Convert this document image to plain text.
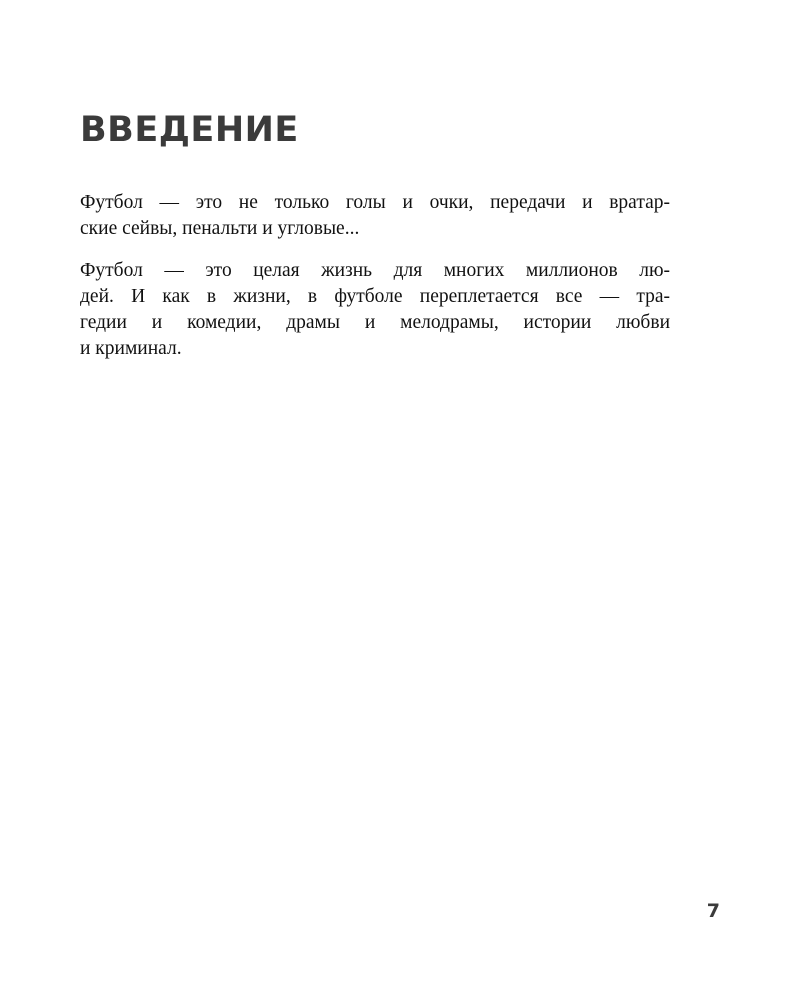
ВВЕДЕНИЕ

Футбол — это не только голы и очки, передачи и вратар-
ские сейвы, пенальти и угловые...

Футбол — это целая жизнь для многих миллионов лю-
дей. И как в жизни, в футболе переплетается все — тра-
гедии и комедии, драмы и мелодрамы, истории любви
и криминал.

7
